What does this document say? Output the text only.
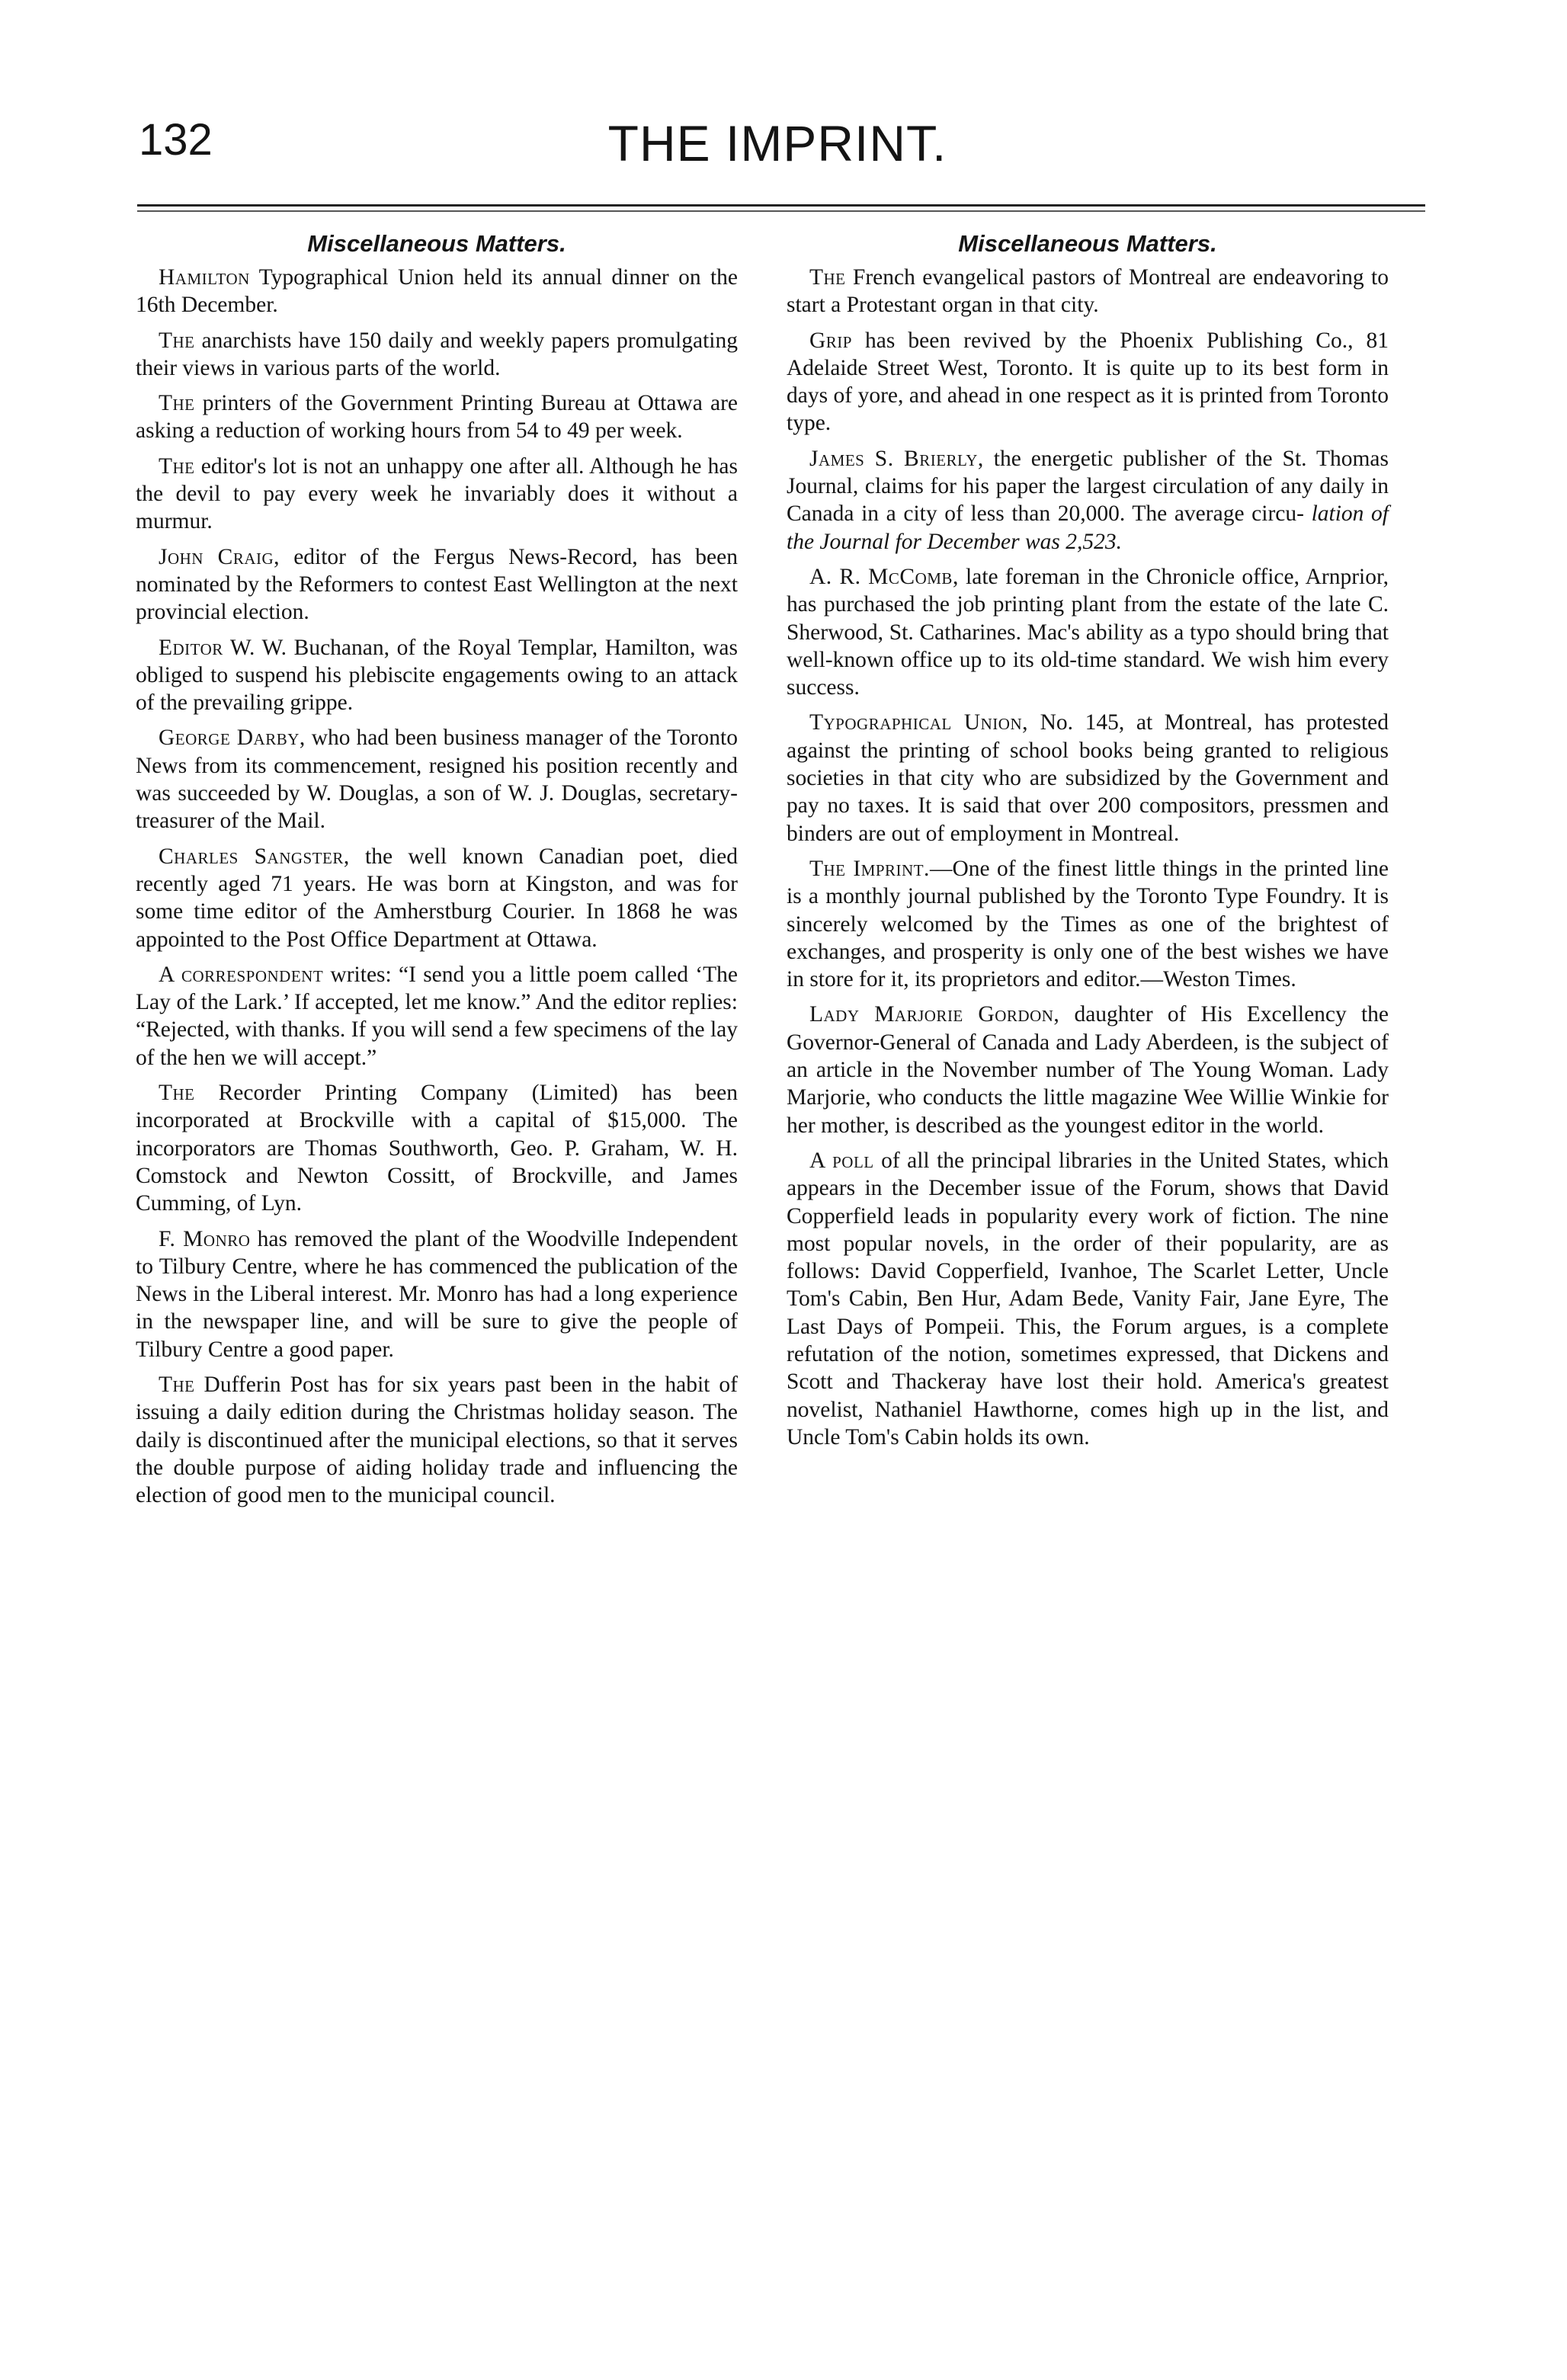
132	THE IMPRINT.
Miscellaneous Matters.

Hamilton Typographical Union held its annual dinner on the 16th December.

The anarchists have 150 daily and weekly papers promulgating their views in various parts of the world.

The printers of the Government Printing Bureau at Ottawa are asking a reduction of working hours from 54 to 49 per week.

The editor's lot is not an unhappy one after all. Although he has the devil to pay every week he invariably does it without a murmur.

John Craig, editor of the Fergus News-Record, has been nominated by the Reformers to contest East Wellington at the next provincial election.

Editor W. W. Buchanan, of the Royal Templar, Hamilton, was obliged to suspend his plebiscite engagements owing to an attack of the prevailing grippe.

George Darby, who had been business manager of the Toronto News from its commencement, resigned his position recently and was succeeded by W. Douglas, a son of W. J. Douglas, secretary-treasurer of the Mail.

Charles Sangster, the well known Canadian poet, died recently aged 71 years. He was born at Kingston, and was for some time editor of the Amherstburg Courier. In 1868 he was appointed to the Post Office Department at Ottawa.

A correspondent writes: “I send you a little poem called ‘The Lay of the Lark.’ If accepted, let me know.” And the editor replies: “Rejected, with thanks. If you will send a few specimens of the lay of the hen we will accept.”

The Recorder Printing Company (Limited) has been incorporated at Brockville with a capital of $15,000. The incorporators are Thomas Southworth, Geo. P. Graham, W. H. Comstock and Newton Cossitt, of Brockville, and James Cumming, of Lyn.

F. Monro has removed the plant of the Woodville Independent to Tilbury Centre, where he has commenced the publication of the News in the Liberal interest. Mr. Monro has had a long experience in the newspaper line, and will be sure to give the people of Tilbury Centre a good paper.

The Dufferin Post has for six years past been in the habit of issuing a daily edition during the Christmas holiday season. The daily is discontinued after the municipal elections, so that it serves the double purpose of aiding holiday trade and influencing the election of good men to the municipal council.

Miscellaneous Matters.

The French evangelical pastors of Montreal are endeavoring to start a Protestant organ in that city.

Grip has been revived by the Phoenix Publishing Co., 81 Adelaide Street West, Toronto. It is quite up to its best form in days of yore, and ahead in one respect as it is printed from Toronto type.

James S. Brierly, the energetic publisher of the St. Thomas Journal, claims for his paper the largest circulation of any daily in Canada in a city of less than 20,000. The average circu- lation of the Journal for December was 2,523.

A. R. McComb, late foreman in the Chronicle office, Arnprior, has purchased the job printing plant from the estate of the late C. Sherwood, St. Catharines. Mac's ability as a typo should bring that well-known office up to its old-time standard. We wish him every success.

Typographical Union, No. 145, at Montreal, has protested against the printing of school books being granted to religious societies in that city who are subsidized by the Government and pay no taxes. It is said that over 200 compositors, pressmen and binders are out of employment in Montreal.

The Imprint.—One of the finest little things in the printed line is a monthly journal published by the Toronto Type Foundry. It is sincerely welcomed by the Times as one of the brightest of exchanges, and prosperity is only one of the best wishes we have in store for it, its proprietors and editor.—Weston Times.

Lady Marjorie Gordon, daughter of His Excellency the Governor-General of Canada and Lady Aberdeen, is the subject of an article in the November number of The Young Woman. Lady Marjorie, who conducts the little magazine Wee Willie Winkie for her mother, is described as the youngest editor in the world.

A poll of all the principal libraries in the United States, which appears in the December issue of the Forum, shows that David Copperfield leads in popularity every work of fiction. The nine most popular novels, in the order of their popularity, are as follows: David Copperfield, Ivanhoe, The Scarlet Letter, Uncle Tom's Cabin, Ben Hur, Adam Bede, Vanity Fair, Jane Eyre, The Last Days of Pompeii. This, the Forum argues, is a complete refutation of the notion, sometimes expressed, that Dickens and Scott and Thackeray have lost their hold. America's greatest novelist, Nathaniel Hawthorne, comes high up in the list, and Uncle Tom's Cabin holds its own.
